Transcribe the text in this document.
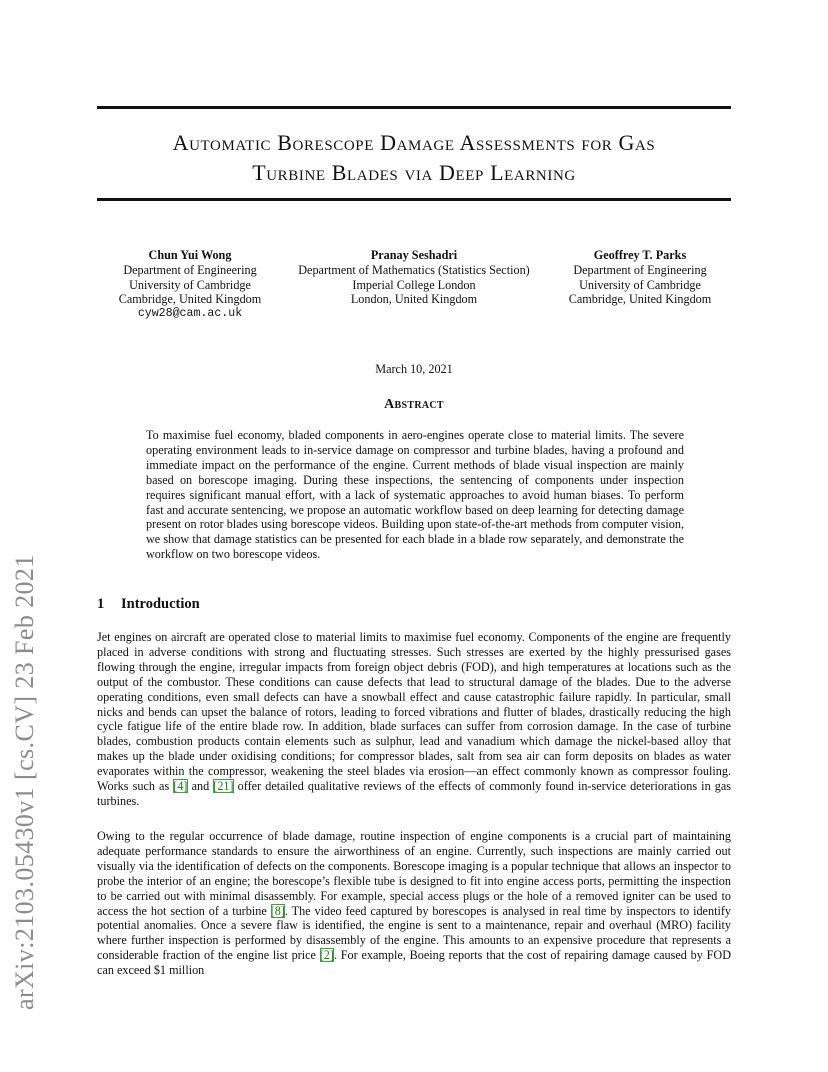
arXiv:2103.05430v1 [cs.CV] 23 Feb 2021
Automatic Borescope Damage Assessments for Gas
Turbine Blades via Deep Learning
Chun Yui Wong
Department of Engineering
University of Cambridge
Cambridge, United Kingdom
cyw28@cam.ac.uk
Pranay Seshadri
Department of Mathematics (Statistics Section)
Imperial College London
London, United Kingdom
Geoffrey T. Parks
Department of Engineering
University of Cambridge
Cambridge, United Kingdom
March 10, 2021
Abstract

To maximise fuel economy, bladed components in aero-engines operate close to material limits. The severe operating environment leads to in-service damage on compressor and turbine blades, having a profound and immediate impact on the performance of the engine. Current methods of blade visual inspection are mainly based on borescope imaging. During these inspections, the sentencing of components under inspection requires significant manual effort, with a lack of systematic approaches to avoid human biases. To perform fast and accurate sentencing, we propose an automatic workflow based on deep learning for detecting damage present on rotor blades using borescope videos. Building upon state-of-the-art methods from computer vision, we show that damage statistics can be presented for each blade in a blade row separately, and demonstrate the workflow on two borescope videos.

1 Introduction

Jet engines on aircraft are operated close to material limits to maximise fuel economy. Components of the engine are frequently placed in adverse conditions with strong and fluctuating stresses. Such stresses are exerted by the highly pressurised gases flowing through the engine, irregular impacts from foreign object debris (FOD), and high temperatures at locations such as the output of the combustor. These conditions can cause defects that lead to structural damage of the blades. Due to the adverse operating conditions, even small defects can have a snowball effect and cause catastrophic failure rapidly. In particular, small nicks and bends can upset the balance of rotors, leading to forced vibrations and flutter of blades, drastically reducing the high cycle fatigue life of the entire blade row. In addition, blade surfaces can suffer from corrosion damage. In the case of turbine blades, combustion products contain elements such as sulphur, lead and vanadium which damage the nickel-based alloy that makes up the blade under oxidising conditions; for compressor blades, salt from sea air can form deposits on blades as water evaporates within the compressor, weakening the steel blades via erosion—an effect commonly known as compressor fouling. Works such as [4] and [21] offer detailed qualitative reviews of the effects of commonly found in-service deteriorations in gas turbines.

Owing to the regular occurrence of blade damage, routine inspection of engine components is a crucial part of maintaining adequate performance standards to ensure the airworthiness of an engine. Currently, such inspections are mainly carried out visually via the identification of defects on the components. Borescope imaging is a popular technique that allows an inspector to probe the interior of an engine; the borescope’s flexible tube is designed to fit into engine access ports, permitting the inspection to be carried out with minimal disassembly. For example, special access plugs or the hole of a removed igniter can be used to access the hot section of a turbine [8]. The video feed captured by borescopes is analysed in real time by inspectors to identify potential anomalies. Once a severe flaw is identified, the engine is sent to a maintenance, repair and overhaul (MRO) facility where further inspection is performed by disassembly of the engine. This amounts to an expensive procedure that represents a considerable fraction of the engine list price [2]. For example, Boeing reports that the cost of repairing damage caused by FOD can exceed $1 million
